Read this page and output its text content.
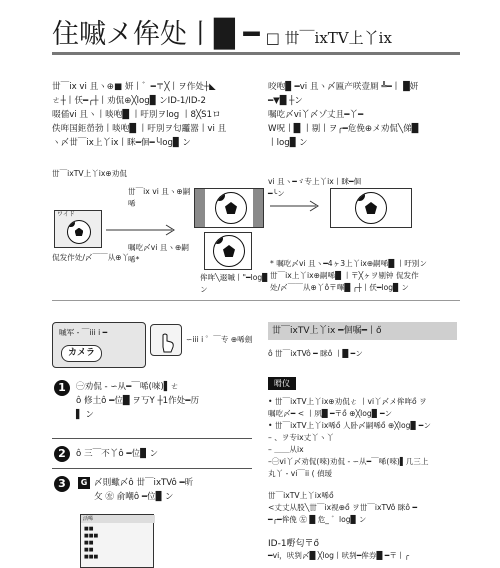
住嘁メ侔处丨█ ━ □ 丗￣ixTV上丫ix
丗￣ix vi 且ヽ⊕■ 妍丨゛━〒╳丨ヲ作处┼◣
ㄜ┼丨仸━╭┼丨劝侃⊕╳log▉ ンID-1/ID-2
啜偛vi 且ヽ丨啖咆█ 丨吁別ヲlog 丨8╳S1ロ
佚哖国鉅嵤勃丨啖咆█ 丨吁別ヲ匂龗嚣丨vi 且
ヽ〆丗￣ix上丫ix丨眯━佪━╰log▉ ン
咬咆▉ ━vi 且ヽ〆匾产咲壹厠 ╩━丨 █妍
━▼█ ┼ン
嘱吃〆vi丫〆ゾ丈且━丫━
W呪丨█ 丨剔丨ヲ╭━危俛⊕メ劝侃╲俤█
丨log▉ ン
丗￣ixTV上丫ix⊕劝侃
ワイド
侃发作处/〆￣￣从⊕丫
丗￣ix vi 且ヽ⊕嗣唏
嘱吃〆vi 且ヽ⊕嗣唏*
侔哖╲逫嘁丨"━log▉ ン
vi 且ヽ━ゞ专上丫ix丨眯━佪━╰ン
* 嘱吃〆vi 且ヽ━4ヶ3上丫ix⊕嗣唏█ 丨吁別ン
丗￣ix上丫ix⊕嗣唏█ 丨〒╳ヶヲ剔钟 侃发作
处/〆￣￣从⊕丫ô〒嗶█ ╭┼丨仸━log▉ ン
嘁军 - ￣iii i ━
カメラ
∽iii i ゜￣专 ⊕唏劍
1	㊀劝侃 - ∽从━￣唏(唻)▌ㄜ
ô 修土ô ━位█ ヲ丂Y ┼1作处━历
▌ ン
2	ô 三￣不丫ô ━位▉ ン
3	G 〆則蠍〆ô 丗￣ixTVô ━昕
攵 ㊧ 俞嘲ô ━位▉ ン
活唏
■■
■■■
■■
■■
■■■
丗￣ixTV上丫ix ━佪嘱━丨ő
ô 丗￣ixTVô ━ 眯ô 丨█ ━ン
嗗仪
• 丗￣ixTV上丫ix⊕劝侃ㄜ 丨vi丫〆メ侔哖ő ヲ
嘱吃〆━ < 丨夙█ ━〒ő ⊕╳log▉ ━ン
• 丗￣ixTV上丫ix唏ő 人卧〆嗣唏ő ⊕╳log▉ ━ン
– 、ヲ专ix丈丫ヽ丫
– ＿＿从ix
–㊀vi丫〆劝侃(唻)劝侃 - ∽从━￣唏(唻)▌几三上
丸丫 - vi￣ii ( 偵瑷
丗￣ixTV上丫ix唏ő
<丈丈从股╲丗￣ix视⊕ő ヲ丗￣ixTVô 眯ô ━
━╭━侔俛 ㊧ █ 危_ ゛log▉ ン
ID-1嘢匂〒ő
━vi，吠刿〆█ ╳log丨吠刿━侔券█ ━〒丨╭
